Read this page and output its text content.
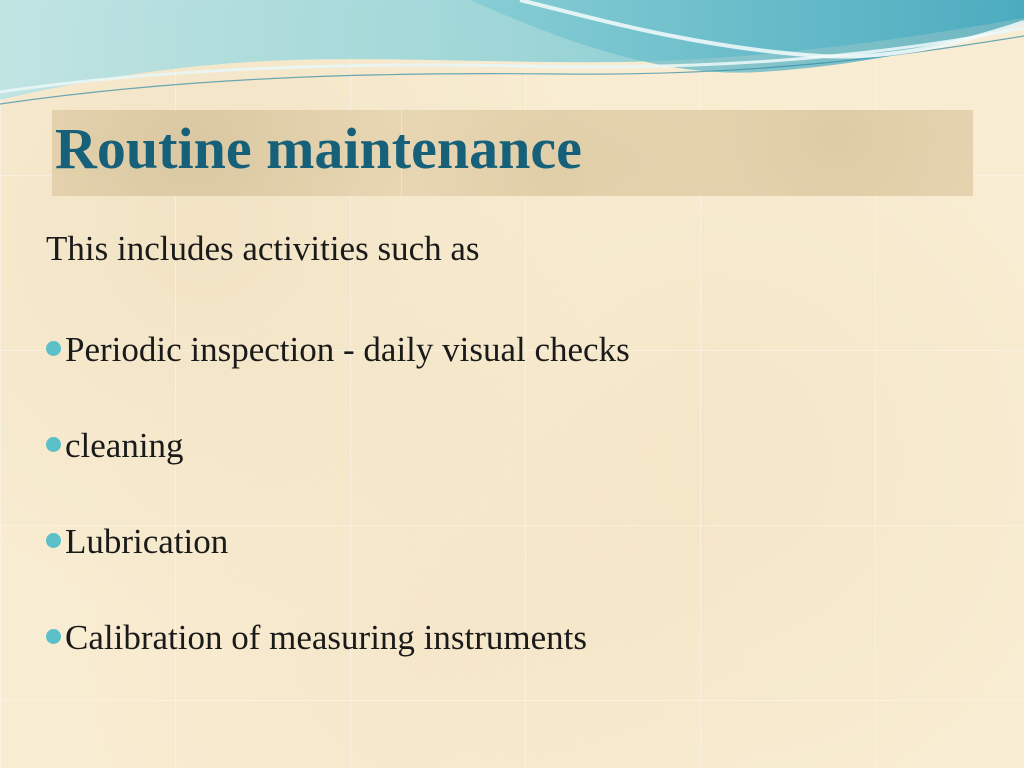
Routine maintenance

This includes activities such as

Periodic inspection - daily visual checks
cleaning
Lubrication
Calibration of measuring instruments
